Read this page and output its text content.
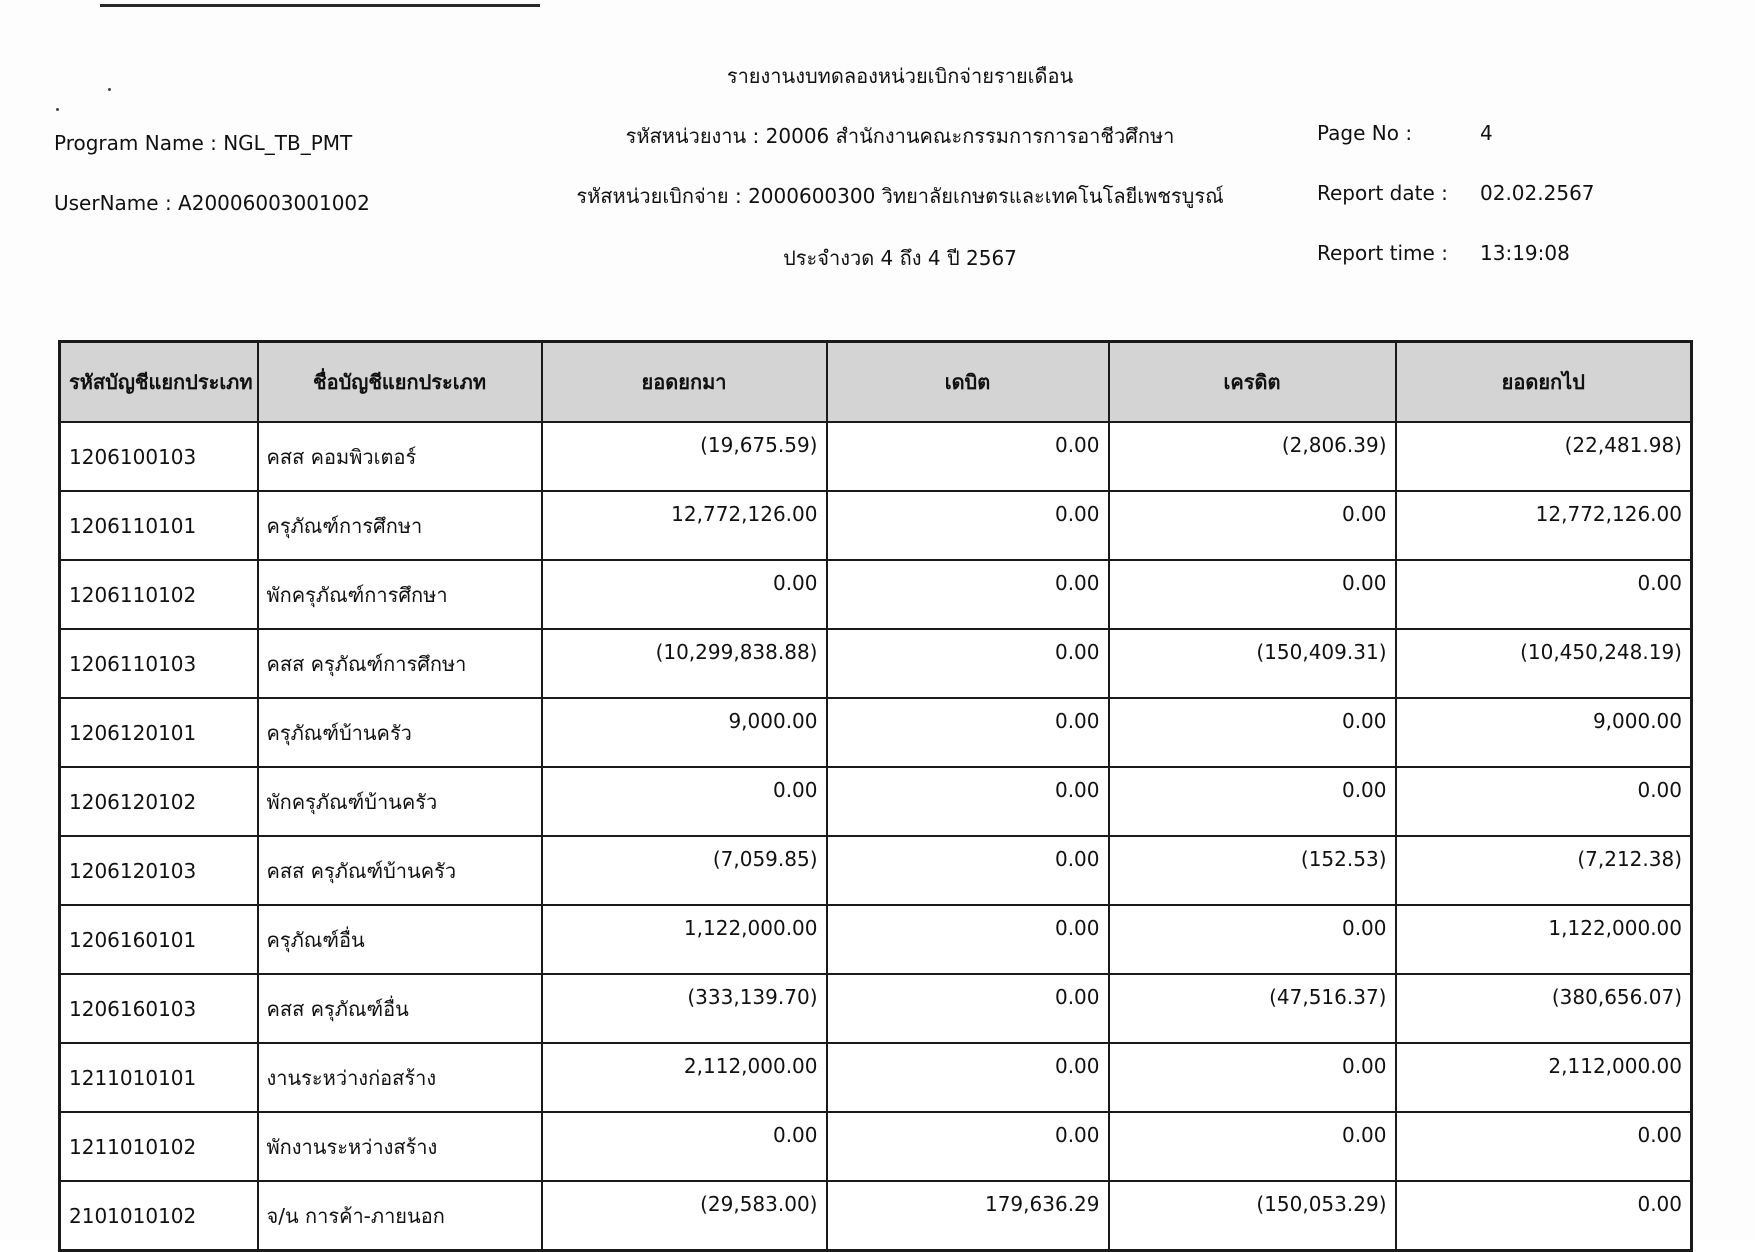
รายงานงบทดลองหน่วยเบิกจ่ายรายเดือน
รหัสหน่วยงาน : 20006 สำนักงานคณะกรรมการการอาชีวศึกษา
รหัสหน่วยเบิกจ่าย : 2000600300 วิทยาลัยเกษตรและเทคโนโลยีเพชรบูรณ์
ประจำงวด 4 ถึง 4 ปี 2567
Program Name : NGL_TB_PMT
UserName : A20006003001002
Page No :	4
Report date : 02.02.2567
Report time : 13:19:08
รหัสบัญชีแยกประเภท	ชื่อบัญชีแยกประเภท	ยอดยกมา	เดบิต	เครดิต	ยอดยกไป
1206100103	คสส คอมพิวเตอร์	(19,675.59)	0.00	(2,806.39)	(22,481.98)
1206110101	ครุภัณฑ์การศึกษา	12,772,126.00	0.00	0.00	12,772,126.00
1206110102	พักครุภัณฑ์การศึกษา	0.00	0.00	0.00	0.00
1206110103	คสส ครุภัณฑ์การศึกษา	(10,299,838.88)	0.00	(150,409.31)	(10,450,248.19)
1206120101	ครุภัณฑ์บ้านครัว	9,000.00	0.00	0.00	9,000.00
1206120102	พักครุภัณฑ์บ้านครัว	0.00	0.00	0.00	0.00
1206120103	คสส ครุภัณฑ์บ้านครัว	(7,059.85)	0.00	(152.53)	(7,212.38)
1206160101	ครุภัณฑ์อื่น	1,122,000.00	0.00	0.00	1,122,000.00
1206160103	คสส ครุภัณฑ์อื่น	(333,139.70)	0.00	(47,516.37)	(380,656.07)
1211010101	งานระหว่างก่อสร้าง	2,112,000.00	0.00	0.00	2,112,000.00
1211010102	พักงานระหว่างสร้าง	0.00	0.00	0.00	0.00
2101010102	จ/น การค้า-ภายนอก	(29,583.00)	179,636.29	(150,053.29)	0.00
